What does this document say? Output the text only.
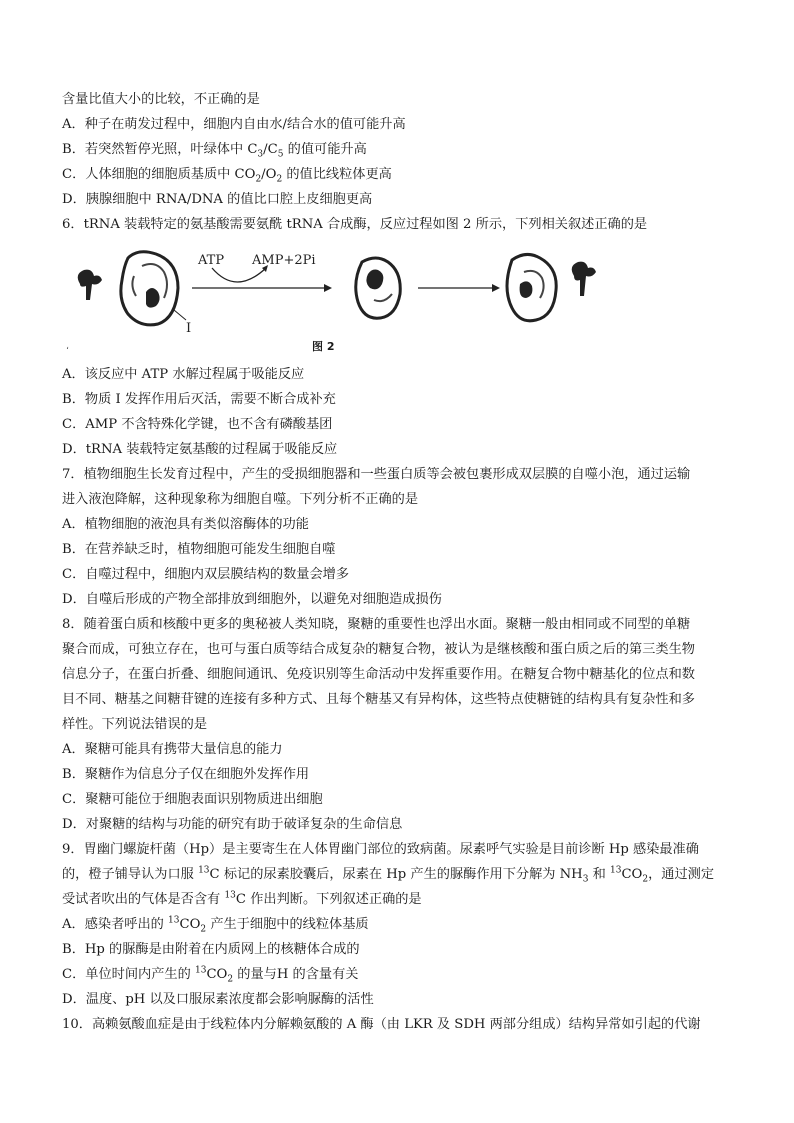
含量比值大小的比较，不正确的是
A．种子在萌发过程中，细胞内自由水/结合水的值可能升高
B．若突然暂停光照，叶绿体中 $C_3/C_5$ 的值可能升高
C．人体细胞的细胞质基质中 $CO_2/O_2$ 的值比线粒体更高
D．胰腺细胞中 RNA/DNA 的值比口腔上皮细胞更高
6．tRNA 装载特定的氨基酸需要氨酰 tRNA 合成酶，反应过程如图 2 所示，下列相关叙述正确的是
I
ATP AMP+2Pi
،	图 2
A．该反应中 ATP 水解过程属于吸能反应
B．物质 I 发挥作用后灭活，需要不断合成补充
C．AMP 不含特殊化学键，也不含有磷酸基团
D．tRNA 装载特定氨基酸的过程属于吸能反应
7．植物细胞生长发育过程中，产生的受损细胞器和一些蛋白质等会被包裹形成双层膜的自噬小泡，通过运输
进入液泡降解，这种现象称为细胞自噬。下列分析不正确的是
A．植物细胞的液泡具有类似溶酶体的功能
B．在营养缺乏时，植物细胞可能发生细胞自噬
C．自噬过程中，细胞内双层膜结构的数量会增多
D．自噬后形成的产物全部排放到细胞外，以避免对细胞造成损伤
8．随着蛋白质和核酸中更多的奥秘被人类知晓，聚糖的重要性也浮出水面。聚糖一般由相同或不同型的单糖
聚合而成，可独立存在，也可与蛋白质等结合成复杂的糖复合物，被认为是继核酸和蛋白质之后的第三类生物
信息分子，在蛋白折叠、细胞间通讯、免疫识别等生命活动中发挥重要作用。在糖复合物中糖基化的位点和数
目不同、糖基之间糖苷键的连接有多种方式、且每个糖基又有异构体，这些特点使糖链的结构具有复杂性和多
样性。下列说法错误的是
A．聚糖可能具有携带大量信息的能力
B．聚糖作为信息分子仅在细胞外发挥作用
C．聚糖可能位于细胞表面识别物质进出细胞
D．对聚糖的结构与功能的研究有助于破译复杂的生命信息
9．胃幽门螺旋杆菌（Hp）是主要寄生在人体胃幽门部位的致病菌。尿素呼气实验是目前诊断 Hp 感染最准确
的，橙子铺导认为口服 $^{13}$C 标记的尿素胶囊后，尿素在 Hp 产生的脲酶作用下分解为 $NH_3$ 和 $^{13}CO_2$，通过测定
受试者吹出的气体是否含有 $^{13}$C 作出判断。下列叙述正确的是
A．感染者呼出的 $^{13}CO_2$ 产生于细胞中的线粒体基质
B．Hp 的脲酶是由附着在内质网上的核糖体合成的
C．单位时间内产生的 $^{13}CO_2$ 的量与H 的含量有关
D．温度、pH 以及口服尿素浓度都会影响脲酶的活性
10．高赖氨酸血症是由于线粒体内分解赖氨酸的 A 酶（由 LKR 及 SDH 两部分组成）结构异常如引起的代谢
